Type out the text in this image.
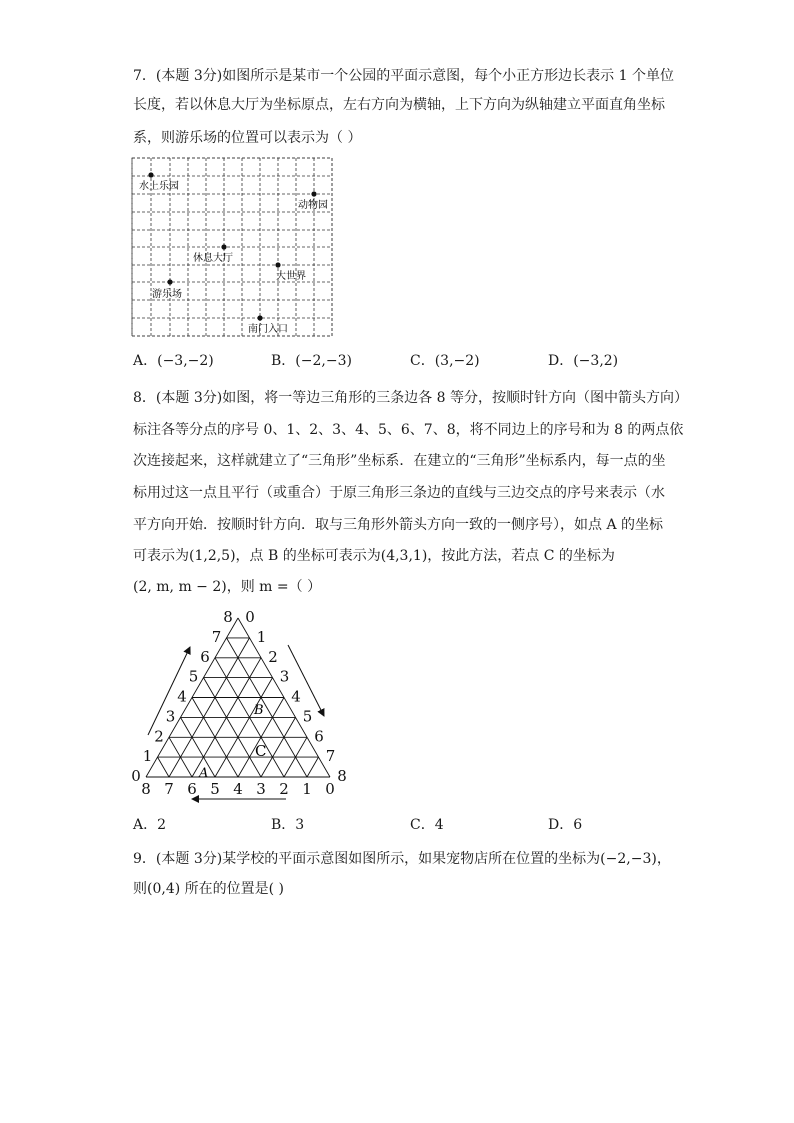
7．(本题 3分)如图所示是某市一个公园的平面示意图，每个小正方形边长表示 1 个单位
长度，若以休息大厅为坐标原点，左右方向为横轴，上下方向为纵轴建立平面直角坐标
系，则游乐场的位置可以表示为（ ）
水上乐园
动物园
休息大厅
大世界
游乐场
南门入口
A．(−3,−2)	B．(−2,−3)	C．(3,−2)	D．(−3,2)
8．(本题 3分)如图，将一等边三角形的三条边各 8 等分，按顺时针方向（图中箭头方向）
标注各等分点的序号 0、1、2、3、4、5、6、7、8，将不同边上的序号和为 8 的两点依
次连接起来，这样就建立了“三角形”坐标系．在建立的“三角形”坐标系内，每一点的坐
标用过这一点且平行（或重合）于原三角形三条边的直线与三边交点的序号来表示（水
平方向开始．按顺时针方向．取与三角形外箭头方向一致的一侧序号），如点 A 的坐标
可表示为(1,2,5)，点 B 的坐标可表示为(4,3,1)，按此方法，若点 C 的坐标为
(2, m, m − 2)，则 m =（ ）
0
1
2
3
4
5
6
7
8 0
1
2
3
4
5
6
7
8
8 7 6 5 4 3 2 1 0
A
B
C
A．2	B．3	C．4	D．6
9．(本题 3分)某学校的平面示意图如图所示，如果宠物店所在位置的坐标为(−2,−3)，
则(0,4) 所在的位置是( )
